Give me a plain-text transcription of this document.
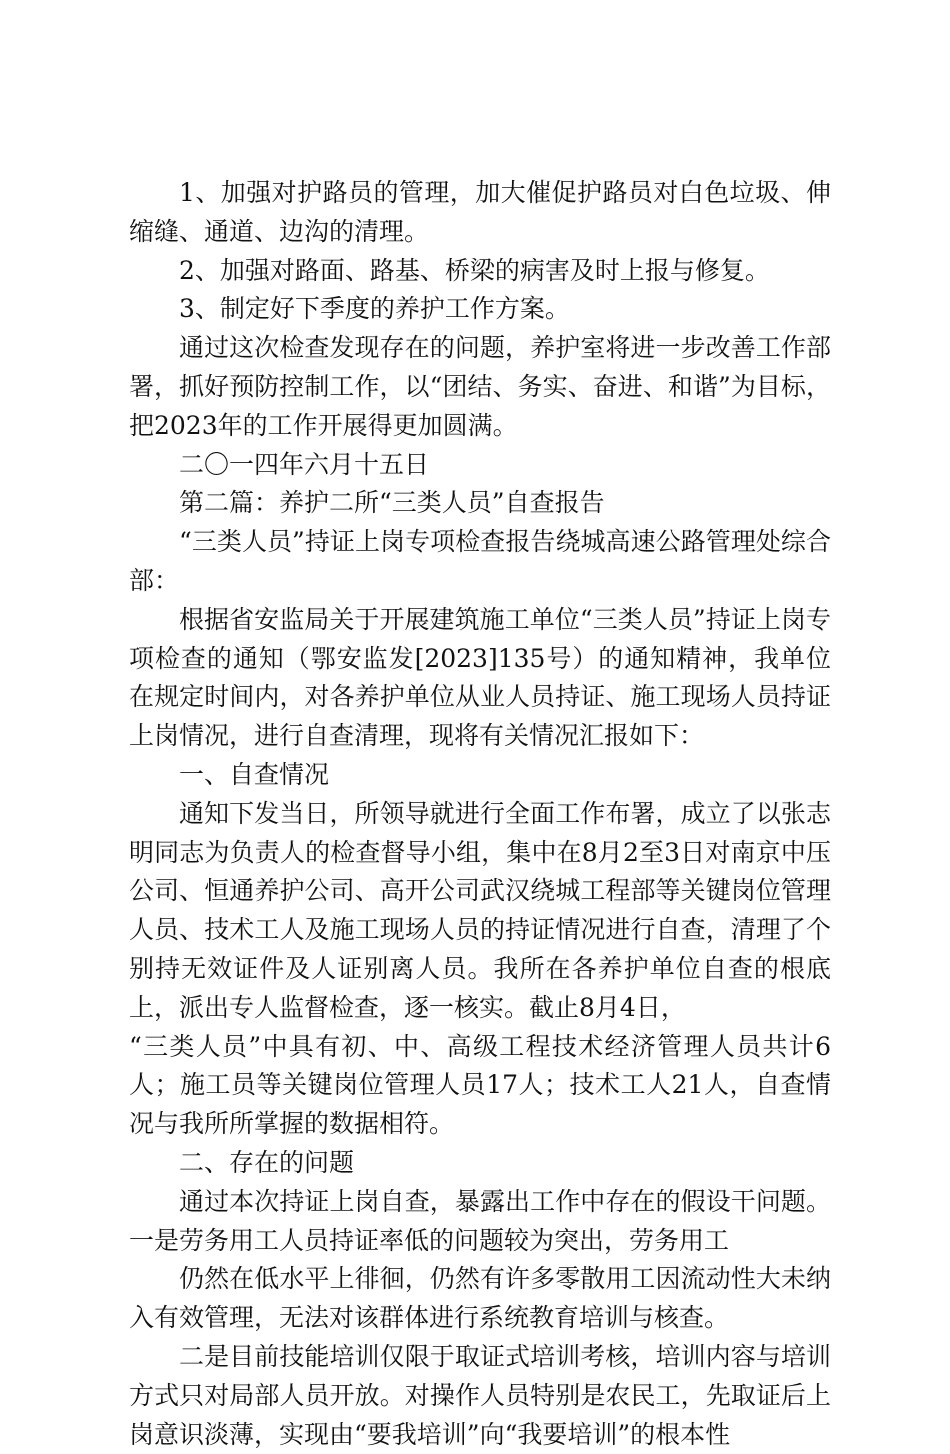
1、加强对护路员的管理，加大催促护路员对白色垃圾、伸缩缝、通道、边沟的清理。

2、加强对路面、路基、桥梁的病害及时上报与修复。

3、制定好下季度的养护工作方案。

通过这次检查发现存在的问题，养护室将进一步改善工作部署，抓好预防控制工作，以“团结、务实、奋进、和谐”为目标，把2023年的工作开展得更加圆满。

二〇一四年六月十五日

第二篇：养护二所“三类人员”自查报告

“三类人员”持证上岗专项检查报告绕城高速公路管理处综合部：

根据省安监局关于开展建筑施工单位“三类人员”持证上岗专项检查的通知（鄂安监发[2023]135号）的通知精神，我单位在规定时间内，对各养护单位从业人员持证、施工现场人员持证上岗情况，进行自查清理，现将有关情况汇报如下：

一、自查情况

通知下发当日，所领导就进行全面工作布署，成立了以张志明同志为负责人的检查督导小组，集中在8月2至3日对南京中压公司、恒通养护公司、高开公司武汉绕城工程部等关键岗位管理人员、技术工人及施工现场人员的持证情况进行自查，清理了个别持无效证件及人证别离人员。我所在各养护单位自查的根底上，派出专人监督检查，逐一核实。截止8月4日，

“三类人员”中具有初、中、高级工程技术经济管理人员共计6人；施工员等关键岗位管理人员17人；技术工人21人，自查情况与我所所掌握的数据相符。

二、存在的问题

通过本次持证上岗自查，暴露出工作中存在的假设干问题。一是劳务用工人员持证率低的问题较为突出，劳务用工

仍然在低水平上徘徊，仍然有许多零散用工因流动性大未纳入有效管理，无法对该群体进行系统教育培训与核查。

二是目前技能培训仅限于取证式培训考核，培训内容与培训方式只对局部人员开放。对操作人员特别是农民工，先取证后上岗意识淡薄，实现由“要我培训”向“我要培训”的根本性
